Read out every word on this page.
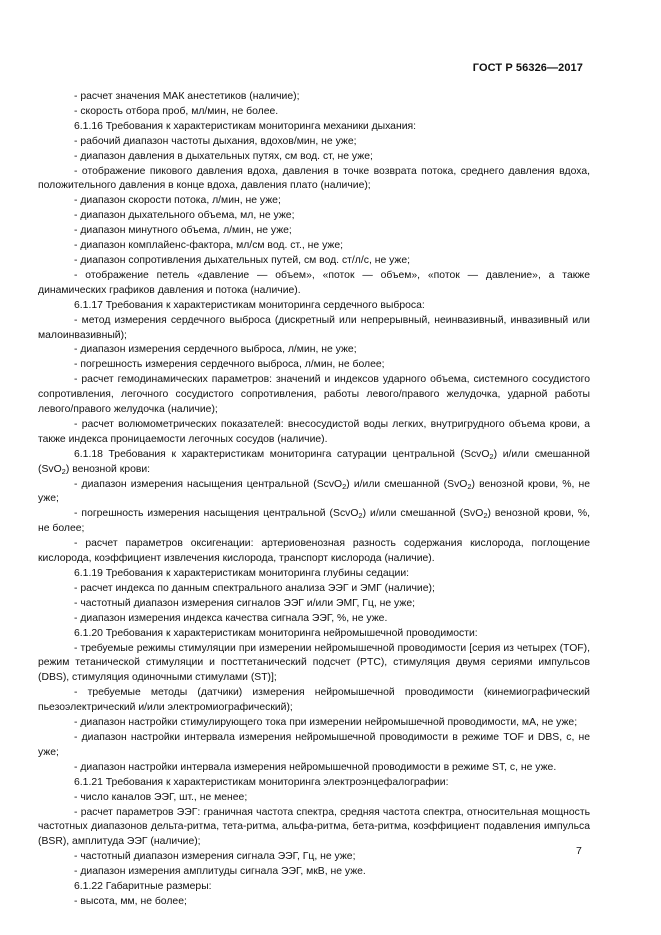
ГОСТ Р 56326—2017

- расчет значения МАК анестетиков (наличие);

- скорость отбора проб, мл/мин, не более.

6.1.16 Требования к характеристикам мониторинга механики дыхания:

- рабочий диапазон частоты дыхания, вдохов/мин, не уже;

- диапазон давления в дыхательных путях, см вод. ст, не уже;

- отображение пикового давления вдоха, давления в точке возврата потока, среднего давления вдоха, положительного давления в конце вдоха, давления плато (наличие);

- диапазон скорости потока, л/мин, не уже;

- диапазон дыхательного объема, мл, не уже;

- диапазон минутного объема, л/мин, не уже;

- диапазон комплайенс-фактора, мл/см вод. ст., не уже;

- диапазон сопротивления дыхательных путей, см вод. ст/л/с, не уже;

- отображение петель «давление — объем», «поток — объем», «поток — давление», а также динамических графиков давления и потока (наличие).

6.1.17 Требования к характеристикам мониторинга сердечного выброса:

- метод измерения сердечного выброса (дискретный или непрерывный, неинвазивный, инвазивный или малоинвазивный);

- диапазон измерения сердечного выброса, л/мин, не уже;

- погрешность измерения сердечного выброса, л/мин, не более;

- расчет гемодинамических параметров: значений и индексов ударного объема, системного сосудистого сопротивления, легочного сосудистого сопротивления, работы левого/правого желудочка, ударной работы левого/правого желудочка (наличие);

- расчет волюмометрических показателей: внесосудистой воды легких, внутригрудного объема крови, а также индекса проницаемости легочных сосудов (наличие).

6.1.18 Требования к характеристикам мониторинга сатурации центральной (ScvO$_2$) и/или смешанной (SvO$_2$) венозной крови:

- диапазон измерения насыщения центральной (ScvO$_2$) и/или смешанной (SvO$_2$) венозной крови, %, не уже;

- погрешность измерения насыщения центральной (ScvO$_2$) и/или смешанной (SvO$_2$) венозной крови, %, не более;

- расчет параметров оксигенации: артериовенозная разность содержания кислорода, поглощение кислорода, коэффициент извлечения кислорода, транспорт кислорода (наличие).

6.1.19 Требования к характеристикам мониторинга глубины седации:

- расчет индекса по данным спектрального анализа ЭЭГ и ЭМГ (наличие);

- частотный диапазон измерения сигналов ЭЭГ и/или ЭМГ, Гц, не уже;

- диапазон измерения индекса качества сигнала ЭЭГ, %, не уже.

6.1.20 Требования к характеристикам мониторинга нейромышечной проводимости:

- требуемые режимы стимуляции при измерении нейромышечной проводимости [серия из четырех (TOF), режим тетанической стимуляции и посттетанический подсчет (PTC), стимуляция двумя сериями импульсов (DBS), стимуляция одиночными стимулами (ST)];

- требуемые методы (датчики) измерения нейромышечной проводимости (кинемиографический пьезоэлектрический и/или электромиографический);

- диапазон настройки стимулирующего тока при измерении нейромышечной проводимости, мА, не уже;

- диапазон настройки интервала измерения нейромышечной проводимости в режиме TOF и DBS, с, не уже;

- диапазон настройки интервала измерения нейромышечной проводимости в режиме ST, с, не уже.

6.1.21 Требования к характеристикам мониторинга электроэнцефалографии:

- число каналов ЭЭГ, шт., не менее;

- расчет параметров ЭЭГ: граничная частота спектра, средняя частота спектра, относительная мощность частотных диапазонов дельта-ритма, тета-ритма, альфа-ритма, бета-ритма, коэффициент подавления импульса (BSR), амплитуда ЭЭГ (наличие);

- частотный диапазон измерения сигнала ЭЭГ, Гц, не уже;

- диапазон измерения амплитуды сигнала ЭЭГ, мкВ, не уже.

6.1.22 Габаритные размеры:

- высота, мм, не более;

7
